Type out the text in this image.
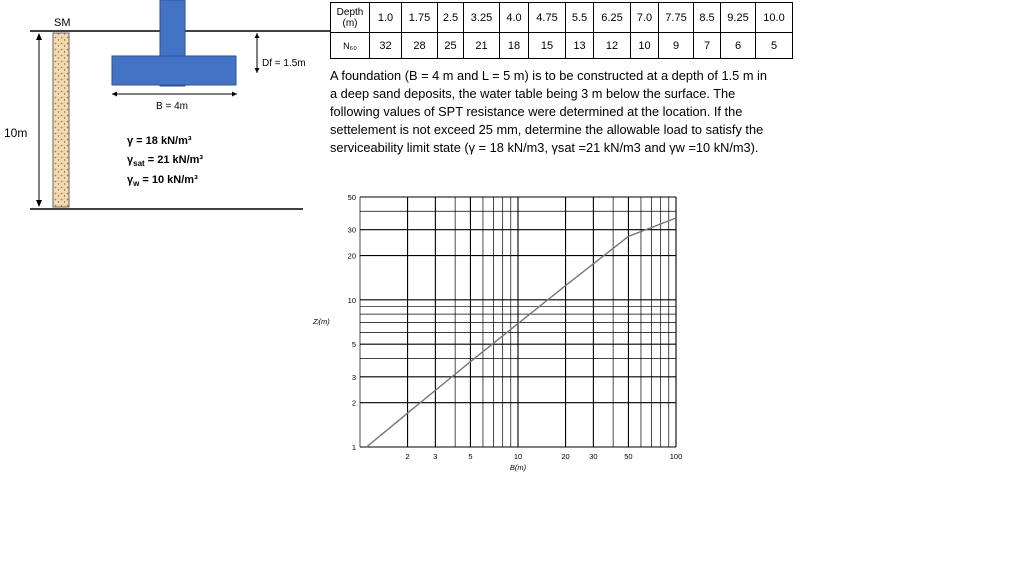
SM
10m
B = 4m
Df = 1.5m
γ = 18 kN/m³
$\gamma_{sat} = 21$ kN/m³
$\gamma_w = 10$ kN/m³
2	3	5	10	20	30	50	100
1
2
3
5
10
20
30
50
B(m)
Zᵢ(m)
Depth (m)	1.0	1.75	2.5	3.25	4.0	4.75	5.5	6.25	7.0	7.75	8.5	9.25	10.0
N₆₀	32	28	25	21	18	15	13	12	10	9	7	6	5
A foundation (B = 4 m and L = 5 m) is to be constructed at a depth of 1.5 m in a deep sand deposits, the water table being 3 m below the surface. The following values of SPT resistance were determined at the location. If the settelement is not exceed 25 mm, determine the allowable load to satisfy the serviceability limit state (γ = 18 kN/m3, γsat =21 kN/m3 and γw =10 kN/m3).
